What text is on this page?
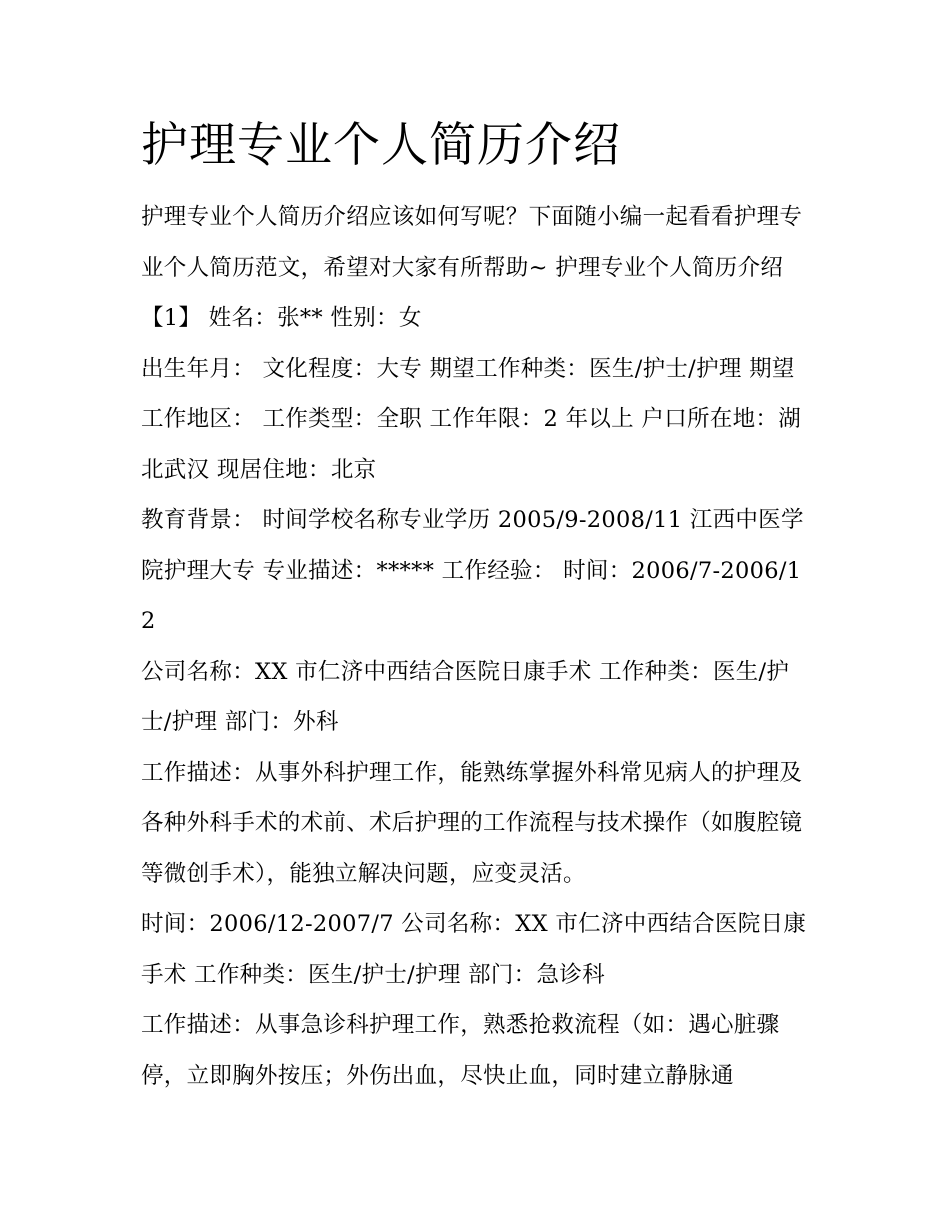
护理专业个人简历介绍

护理专业个人简历介绍应该如何写呢？下面随小编一起看看护理专业个人简历范文，希望对大家有所帮助~ 护理专业个人简历介绍【1】 姓名：张** 性别：女

出生年月： 文化程度：大专 期望工作种类：医生/护士/护理 期望工作地区： 工作类型：全职 工作年限：2 年以上 户口所在地：湖北武汉 现居住地：北京

教育背景： 时间学校名称专业学历 2005/9-2008/11 江西中医学院护理大专 专业描述：***** 工作经验： 时间：2006/7-2006/12

公司名称：XX 市仁济中西结合医院日康手术 工作种类：医生/护士/护理 部门：外科

工作描述：从事外科护理工作，能熟练掌握外科常见病人的护理及各种外科手术的术前、术后护理的工作流程与技术操作（如腹腔镜等微创手术），能独立解决问题，应变灵活。

时间：2006/12-2007/7 公司名称：XX 市仁济中西结合医院日康手术 工作种类：医生/护士/护理 部门：急诊科

工作描述：从事急诊科护理工作，熟悉抢救流程（如：遇心脏骤停，立即胸外按压；外伤出血，尽快止血，同时建立静脉通
